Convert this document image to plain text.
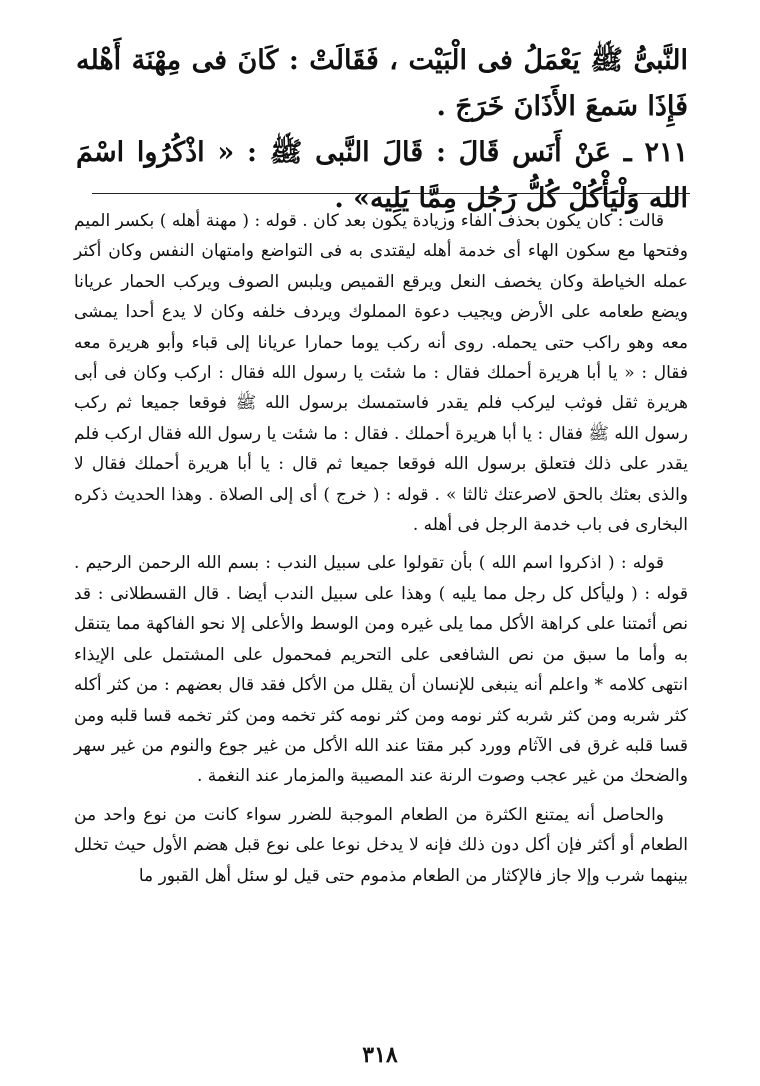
النَّبىُّ ﷺ يَعْمَلُ فى الْبَيْت ، فَقَالَتْ : كَانَ فى مِهْنَة أَهْله فَإِذَا سَمعَ الأَذَانَ خَرَجَ .

٢١١ ـ عَنْ أَنَس قَالَ : قَالَ النَّبى ﷺ : « اذْكُرُوا اسْمَ الله وَلْيَأْكُلْ كُلُّ رَجُل مِمَّا يَلِيه» .

قالت : كان يكون بحذف الفاء وزيادة يكون بعد كان . قوله : ( مهنة أهله ) بكسر الميم وفتحها مع سكون الهاء أى خدمة أهله ليقتدى به فى التواضع وامتهان النفس وكان أكثر عمله الخياطة وكان يخصف النعل ويرقع القميص ويلبس الصوف ويركب الحمار عريانا ويضع طعامه على الأرض ويجيب دعوة المملوك ويردف خلفه وكان لا يدع أحدا يمشى معه وهو راكب حتى يحمله. روى أنه ركب يوما حمارا عريانا إلى قباء وأبو هريرة معه فقال : « يا أبا هريرة أحملك فقال : ما شئت يا رسول الله فقال : اركب وكان فى أبى هريرة ثقل فوثب ليركب فلم يقدر فاستمسك برسول الله ﷺ فوقعا جميعا ثم ركب رسول الله ﷺ فقال : يا أبا هريرة أحملك . فقال : ما شئت يا رسول الله فقال اركب فلم يقدر على ذلك فتعلق برسول الله فوقعا جميعا ثم قال : يا أبا هريرة أحملك فقال لا والذى بعثك بالحق لاصرعتك ثالثا » . قوله : ( خرج ) أى إلى الصلاة . وهذا الحديث ذكره البخارى فى باب خدمة الرجل فى أهله .

قوله : ( اذكروا اسم الله ) بأن تقولوا على سبيل الندب : بسم الله الرحمن الرحيم . قوله : ( وليأكل كل رجل مما يليه ) وهذا على سبيل الندب أيضا . قال القسطلانى : قد نص أئمتنا على كراهة الأكل مما يلى غيره ومن الوسط والأعلى إلا نحو الفاكهة مما يتنقل به وأما ما سبق من نص الشافعى على التحريم فمحمول على المشتمل على الإيذاء انتهى كلامه * واعلم أنه ينبغى للإنسان أن يقلل من الأكل فقد قال بعضهم : من كثر أكله كثر شربه ومن كثر شربه كثر نومه ومن كثر نومه كثر تخمه ومن كثر تخمه قسا قلبه ومن قسا قلبه غرق فى الآثام وورد كبر مقتا عند الله الأكل من غير جوع والنوم من غير سهر والضحك من غير عجب وصوت الرنة عند المصيبة والمزمار عند النغمة .

والحاصل أنه يمتنع الكثرة من الطعام الموجبة للضرر سواء كانت من نوع واحد من الطعام أو أكثر فإن أكل دون ذلك فإنه لا يدخل نوعا على نوع قبل هضم الأول حيث تخلل بينهما شرب وإلا جاز فالإكثار من الطعام مذموم حتى قيل لو سئل أهل القبور ما

٣١٨
